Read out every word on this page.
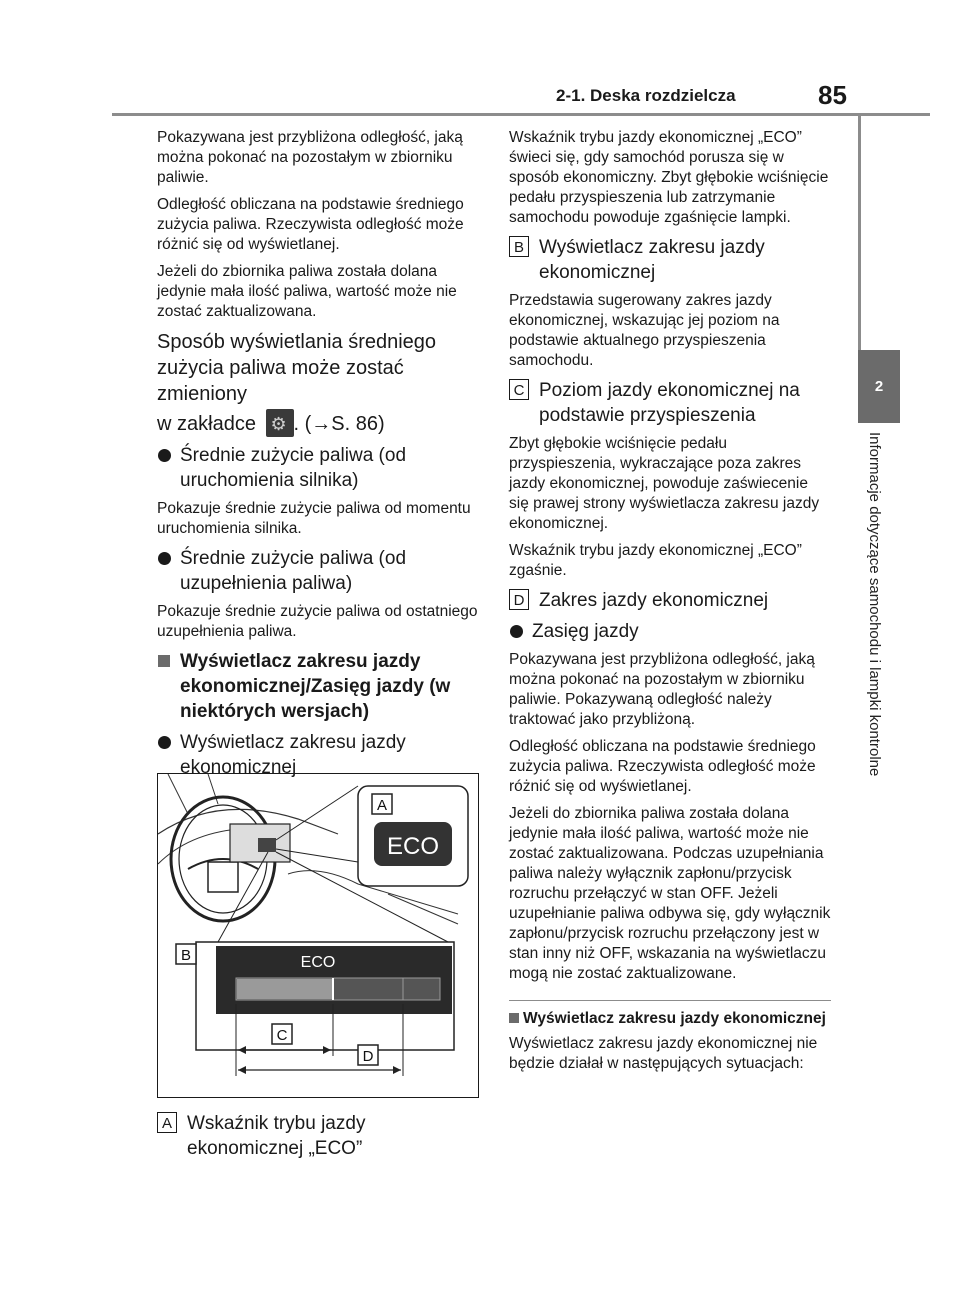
2-1. Deska rozdzielcza	85
2
Informacje dotyczące samochodu i lampki kontrolne

Pokazywana jest przybliżona odległość, jaką można pokonać na pozostałym w zbiorniku paliwie.

Odległość obliczana na podstawie średniego zużycia paliwa. Rzeczywista odległość może różnić się od wyświetlanej.

Jeżeli do zbiornika paliwa została dolana jedynie mała ilość paliwa, wartość może nie zostać zaktualizowana.

Sposób wyświetlania średniego zużycia paliwa może zostać zmieniony

w zakładce ⚙ . (→S. 86)

Średnie zużycie paliwa (od uruchomienia silnika)

Pokazuje średnie zużycie paliwa od momentu uruchomienia silnika.

Średnie zużycie paliwa (od uzupełnienia paliwa)

Pokazuje średnie zużycie paliwa od ostatniego uzupełnienia paliwa.

Wyświetlacz zakresu jazdy ekonomicznej/Zasięg jazdy (w niektórych wersjach)
Wyświetlacz zakresu jazdy ekonomicznej
ECO
A
ECO
B
C
D
A Wskaźnik trybu jazdy ekonomicznej „ECO”

Wskaźnik trybu jazdy ekonomicznej „ECO” świeci się, gdy samochód porusza się w sposób ekonomiczny. Zbyt głębokie wciśnięcie pedału przyspieszenia lub zatrzymanie samochodu powoduje zgaśnięcie lampki.

B Wyświetlacz zakresu jazdy ekonomicznej

Przedstawia sugerowany zakres jazdy ekonomicznej, wskazując jej poziom na podstawie aktualnego przyspieszenia samochodu.

C Poziom jazdy ekonomicznej na podstawie przyspieszenia

Zbyt głębokie wciśnięcie pedału przyspieszenia, wykraczające poza zakres jazdy ekonomicznej, powoduje zaświecenie się prawej strony wyświetlacza zakresu jazdy ekonomicznej.

Wskaźnik trybu jazdy ekonomicznej „ECO” zgaśnie.

D Zakres jazdy ekonomicznej
Zasięg jazdy

Pokazywana jest przybliżona odległość, jaką można pokonać na pozostałym w zbiorniku paliwie. Pokazywaną odległość należy traktować jako przybliżoną.

Odległość obliczana na podstawie średniego zużycia paliwa. Rzeczywista odległość może różnić się od wyświetlanej.

Jeżeli do zbiornika paliwa została dolana jedynie mała ilość paliwa, wartość może nie zostać zaktualizowana. Podczas uzupełniania paliwa należy wyłącznik zapłonu/przycisk rozruchu przełączyć w stan OFF. Jeżeli uzupełnianie paliwa odbywa się, gdy wyłącznik zapłonu/przycisk rozruchu przełączony jest w stan inny niż OFF, wskazania na wyświetlaczu mogą nie zostać zaktualizowane.

Wyświetlacz zakresu jazdy ekonomicznej

Wyświetlacz zakresu jazdy ekonomicznej nie będzie działał w następujących sytuacjach:
